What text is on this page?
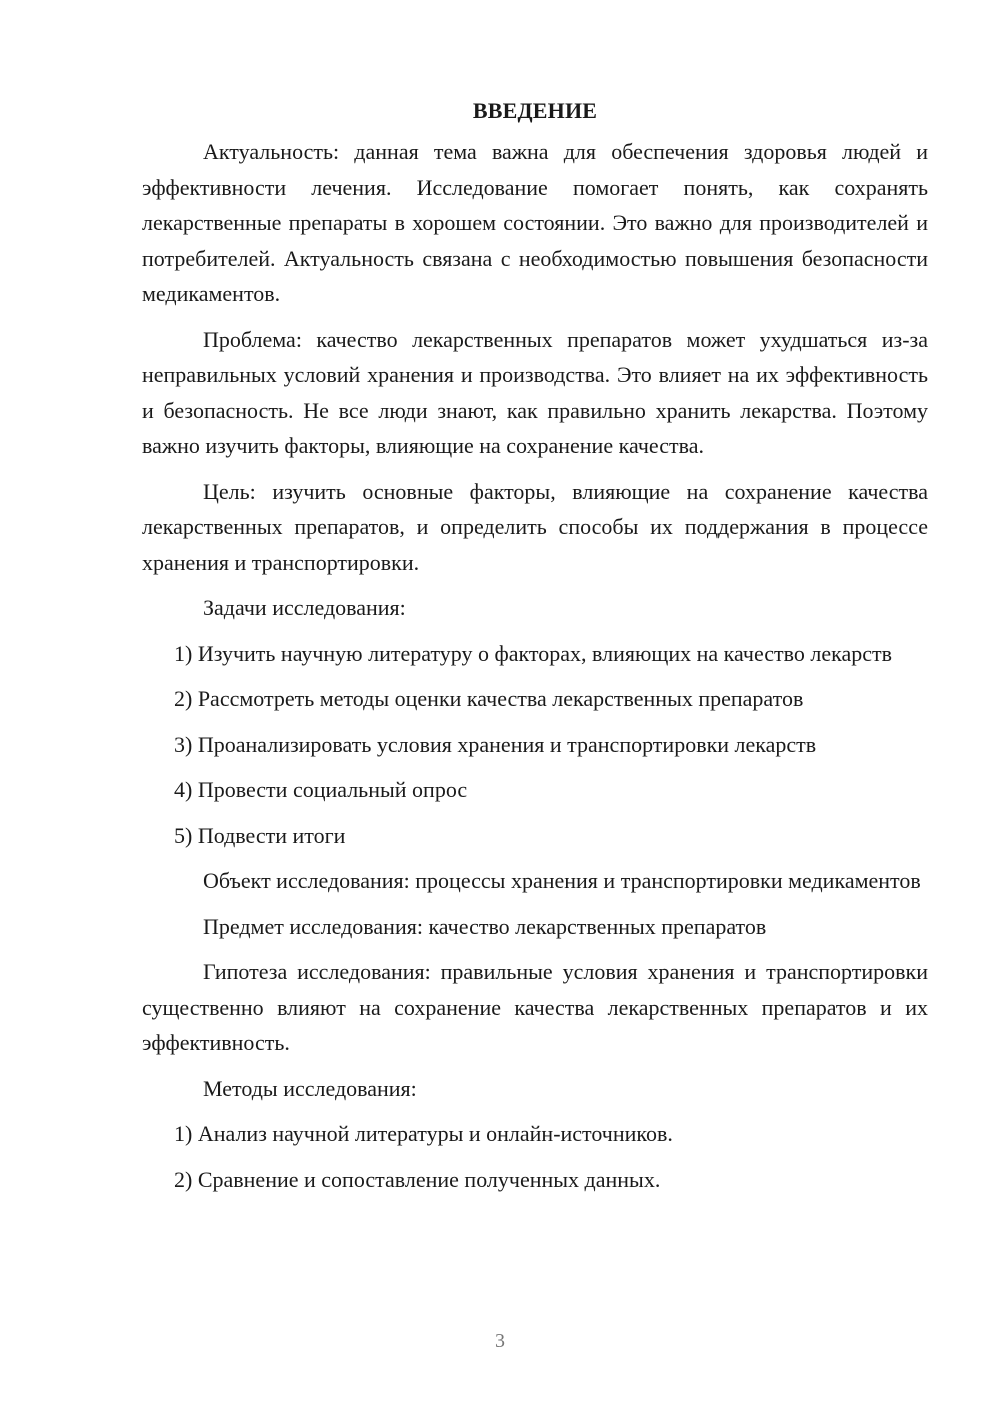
ВВЕДЕНИЕ

Актуальность: данная тема важна для обеспечения здоровья людей и эффективности лечения. Исследование помогает понять, как сохранять лекарственные препараты в хорошем состоянии. Это важно для производителей и потребителей. Актуальность связана с необходимостью повышения безопасности медикаментов.

Проблема: качество лекарственных препаратов может ухудшаться из-за неправильных условий хранения и производства. Это влияет на их эффективность и безопасность. Не все люди знают, как правильно хранить лекарства. Поэтому важно изучить факторы, влияющие на сохранение качества.

Цель: изучить основные факторы, влияющие на сохранение качества лекарственных препаратов, и определить способы их поддержания в процессе хранения и транспортировки.

Задачи исследования:

1) Изучить научную литературу о факторах, влияющих на качество лекарств

2) Рассмотреть методы оценки качества лекарственных препаратов

3) Проанализировать условия хранения и транспортировки лекарств

4) Провести социальный опрос

5) Подвести итоги

Объект исследования: процессы хранения и транспортировки медикаментов

Предмет исследования: качество лекарственных препаратов

Гипотеза исследования: правильные условия хранения и транспортировки существенно влияют на сохранение качества лекарственных препаратов и их эффективность.

Методы исследования:

1) Анализ научной литературы и онлайн-источников.

2) Сравнение и сопоставление полученных данных.

3
